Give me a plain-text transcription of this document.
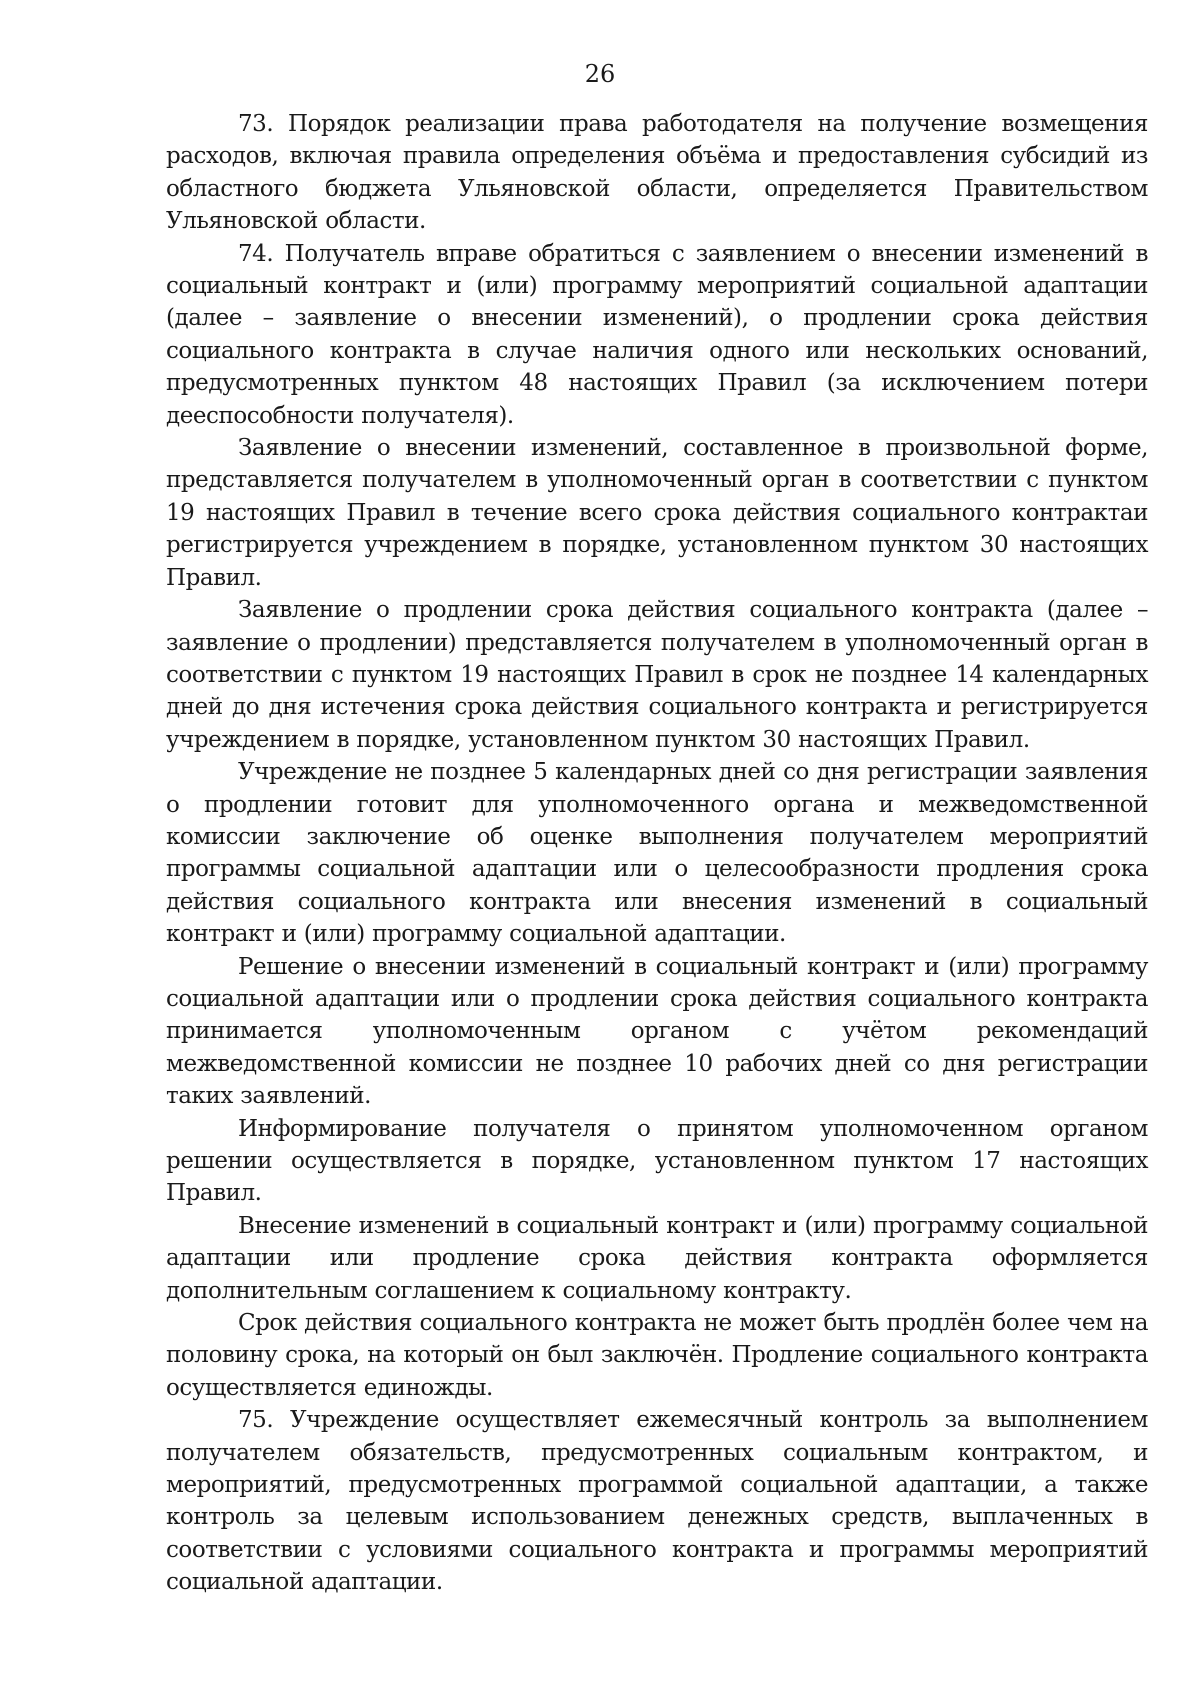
26

73. Порядок реализации права работодателя на получение возмещения расходов, включая правила определения объёма и предоставления субсидий из областного бюджета Ульяновской области, определяется Правительством Ульяновской области.

74. Получатель вправе обратиться с заявлением о внесении изменений в социальный контракт и (или) программу мероприятий социальной адаптации (далее – заявление о внесении изменений), о продлении срока действия социального контракта в случае наличия одного или нескольких оснований, предусмотренных пунктом 48 настоящих Правил (за исключением потери дееспособности получателя).

Заявление о внесении изменений, составленное в произвольной форме, представляется получателем в уполномоченный орган в соответствии с пунктом 19 настоящих Правил в течение всего срока действия социального контрактаи регистрируется учреждением в порядке, установленном пунктом 30 настоящих Правил.

Заявление о продлении срока действия социального контракта (далее – заявление о продлении) представляется получателем в уполномоченный орган в соответствии с пунктом 19 настоящих Правил в срок не позднее 14 календарных дней до дня истечения срока действия социального контракта и регистрируется учреждением в порядке, установленном пунктом 30 настоящих Правил.

Учреждение не позднее 5 календарных дней со дня регистрации заявления о продлении готовит для уполномоченного органа и межведомственной комиссии заключение об оценке выполнения получателем мероприятий программы социальной адаптации или о целесообразности продления срока действия социального контракта или внесения изменений в социальный контракт и (или) программу социальной адаптации.

Решение о внесении изменений в социальный контракт и (или) программу социальной адаптации или о продлении срока действия социального контракта принимается уполномоченным органом с учётом рекомендаций межведомственной комиссии не позднее 10 рабочих дней со дня регистрации таких заявлений.

Информирование получателя о принятом уполномоченном органом решении осуществляется в порядке, установленном пунктом 17 настоящих Правил.

Внесение изменений в социальный контракт и (или) программу социальной адаптации или продление срока действия контракта оформляется дополнительным соглашением к социальному контракту.

Срок действия социального контракта не может быть продлён более чем на половину срока, на который он был заключён. Продление социального контракта осуществляется единожды.

75. Учреждение осуществляет ежемесячный контроль за выполнением получателем обязательств, предусмотренных социальным контрактом, и мероприятий, предусмотренных программой социальной адаптации, а также контроль за целевым использованием денежных средств, выплаченных в соответствии с условиями социального контракта и программы мероприятий социальной адаптации.
